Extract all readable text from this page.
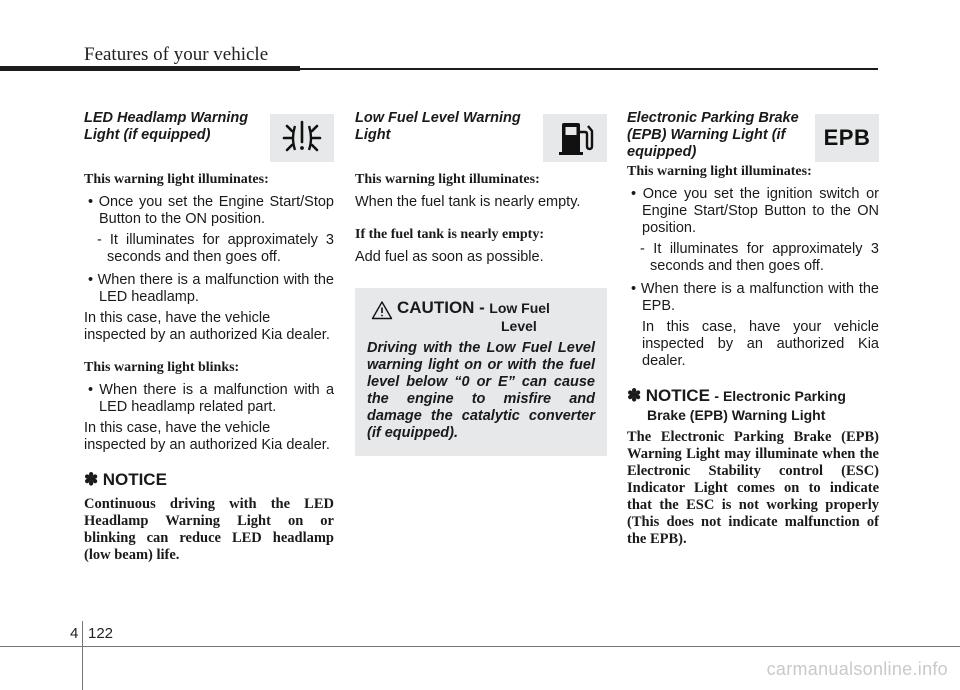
Features of your vehicle
LED Headlamp Warning Light (if equipped)
This warning light illuminates:
• Once you set the Engine Start/Stop Button to the ON position.
- It illuminates for approximately 3 seconds and then goes off.
• When there is a malfunction with the LED headlamp.
In this case, have the vehicle inspected by an authorized Kia dealer.
This warning light blinks:
• When there is a malfunction with a LED headlamp related part.
In this case, have the vehicle inspected by an authorized Kia dealer.
✽ NOTICE

Continuous driving with the LED Headlamp Warning Light on or blinking can reduce LED headlamp (low beam) life.

Low Fuel Level Warning Light
This warning light illuminates:
When the fuel tank is nearly empty.
If the fuel tank is nearly empty:
Add fuel as soon as possible.
CAUTION - Low Fuel
Level

Driving with the Low Fuel Level warning light on or with the fuel level below “0 or E” can cause the engine to misfire and damage the catalytic converter (if equipped).

Electronic Parking Brake (EPB) Warning Light (if equipped)
EPB
This warning light illuminates:
• Once you set the ignition switch or Engine Start/Stop Button to the ON position.
- It illuminates for approximately 3 seconds and then goes off.
• When there is a malfunction with the EPB.
In this case, have your vehicle inspected by an authorized Kia dealer.
✽ NOTICE - Electronic Parking
Brake (EPB) Warning Light

The Electronic Parking Brake (EPB) Warning Light may illuminate when the Electronic Stability control (ESC) Indicator Light comes on to indicate that the ESC is not working properly (This does not indicate malfunction of the EPB).

4 122
carmanualsonline.info
